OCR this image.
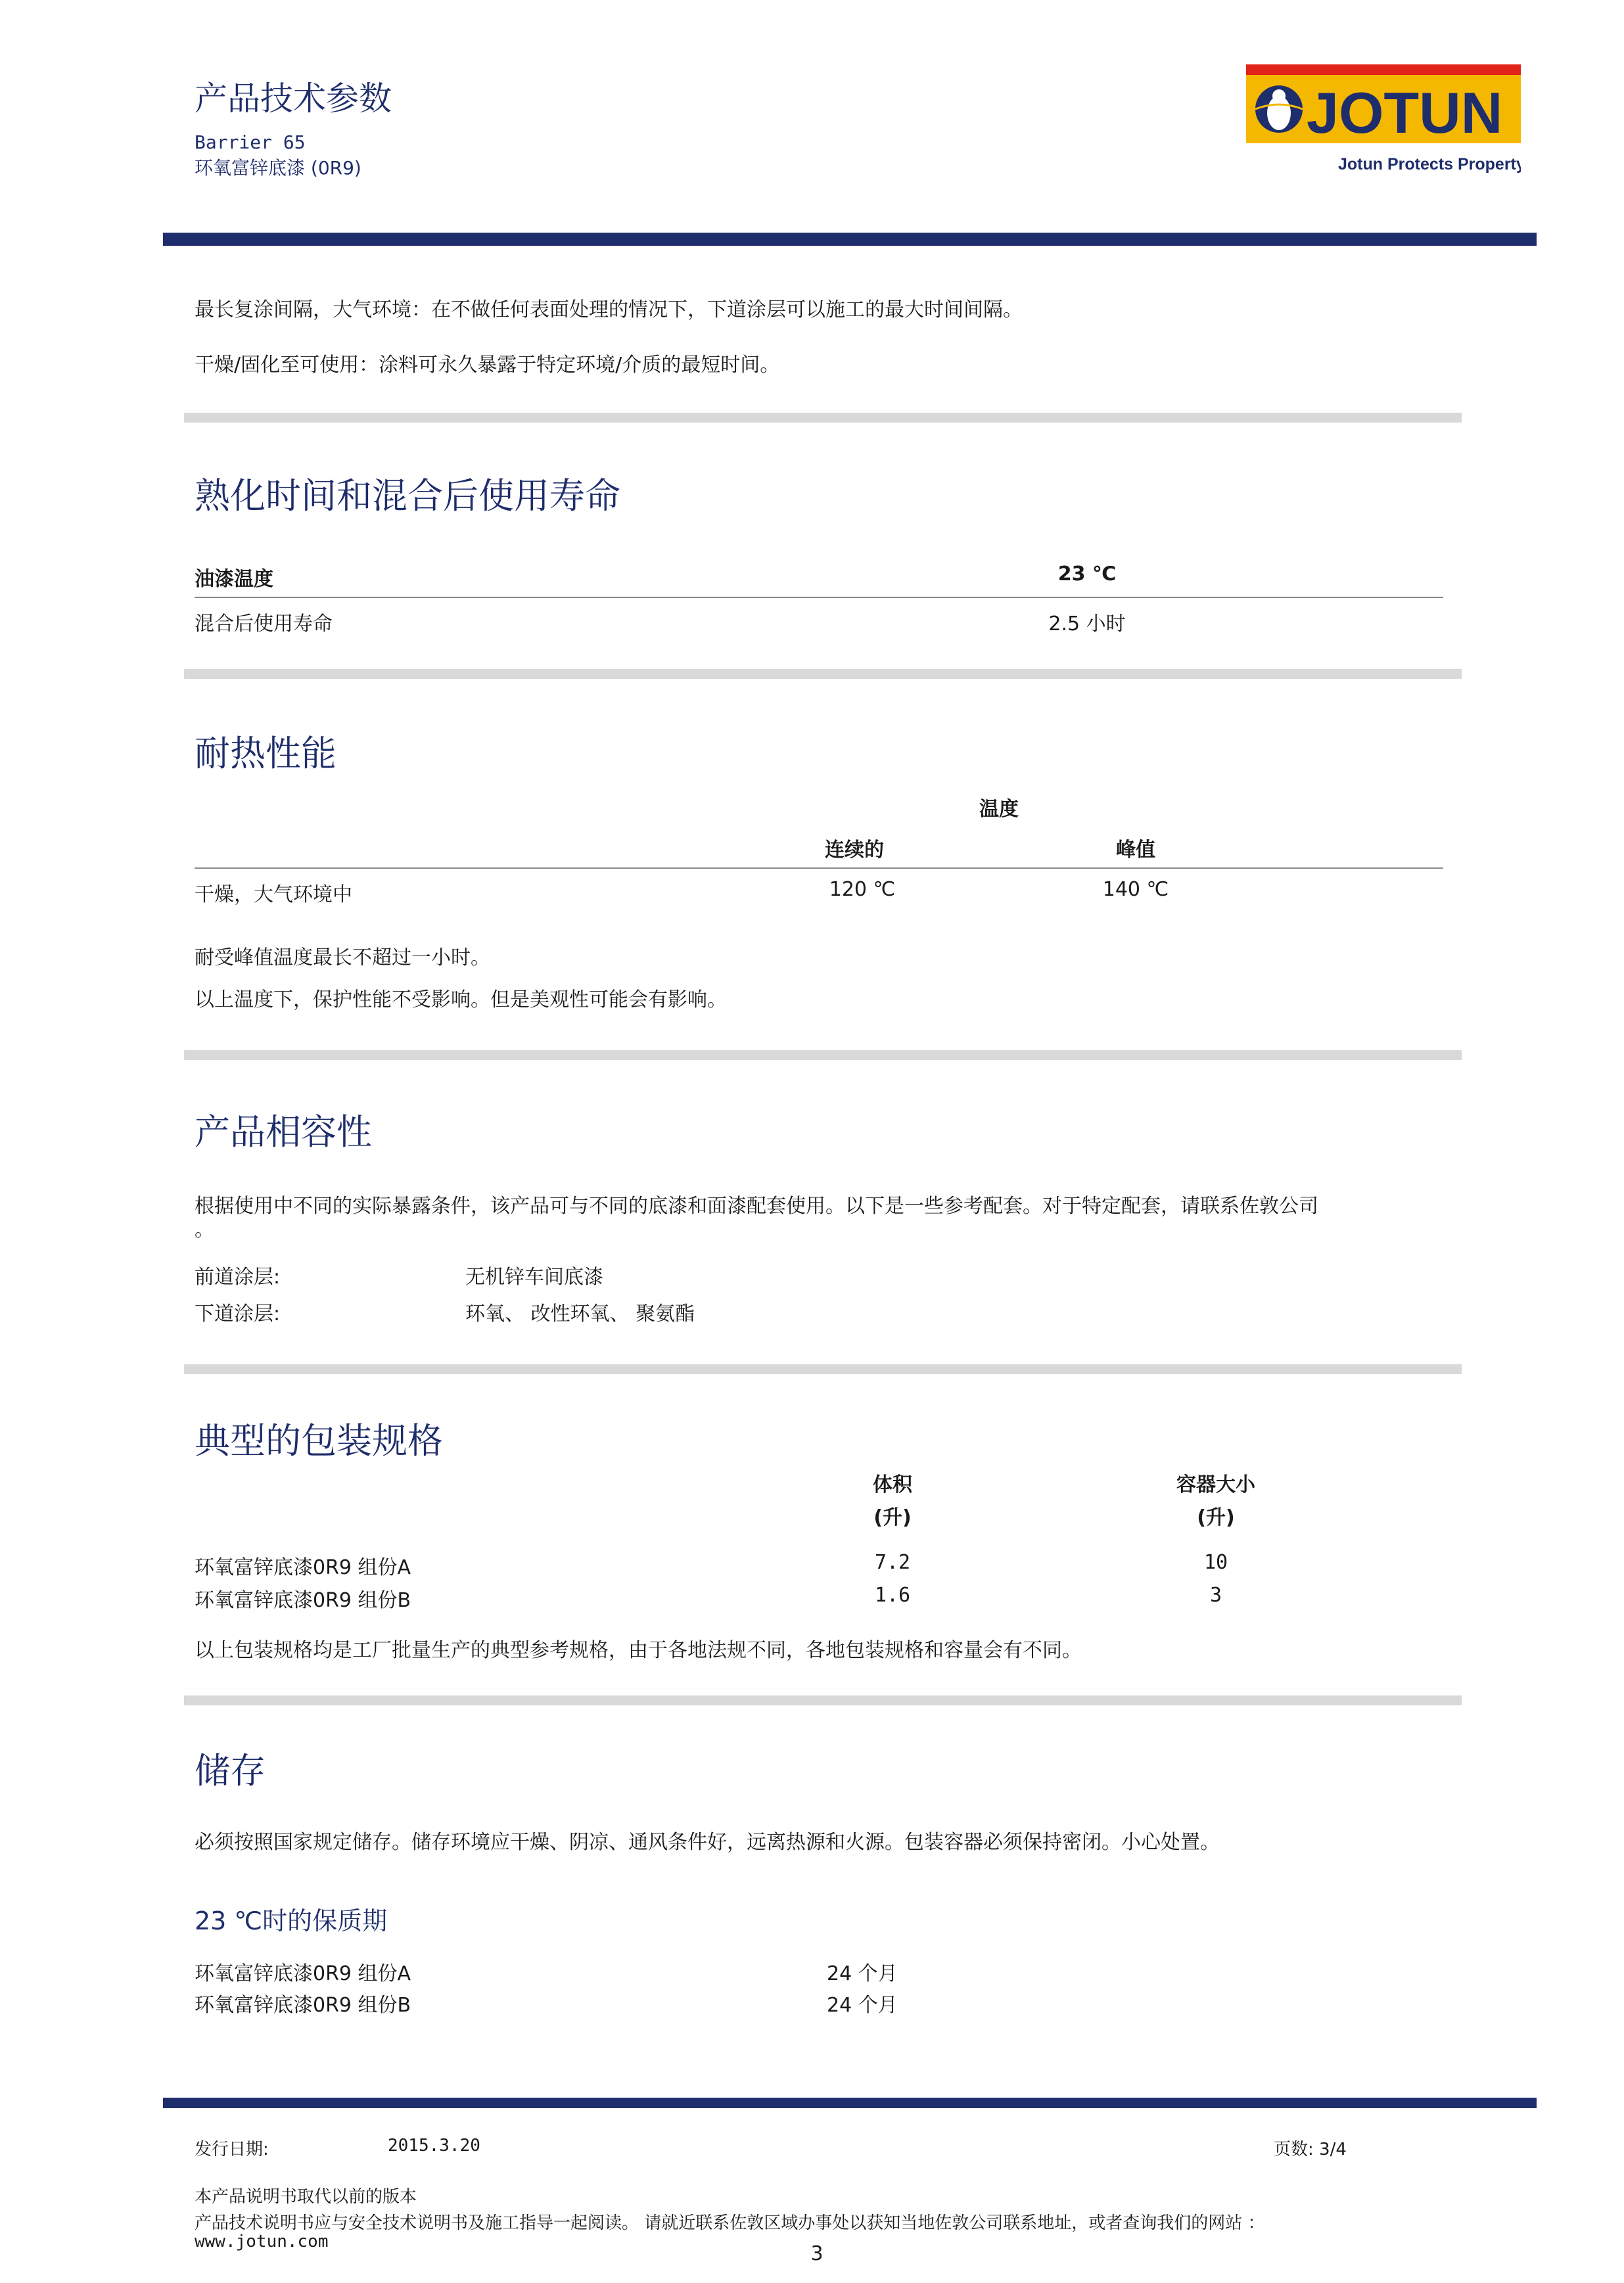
产品技术参数
Barrier 65
环氧富锌底漆 (0R9)
JOTUN
Jotun Protects Property
最长复涂间隔，大气环境：在不做任何表面处理的情况下，下道涂层可以施工的最大时间间隔。
干燥/固化至可使用：涂料可永久暴露于特定环境/介质的最短时间。
熟化时间和混合后使用寿命
油漆温度	23 ℃
混合后使用寿命	2.5 小时
耐热性能
温度
连续的	峰值
干燥，大气环境中	120 ℃	140 ℃
耐受峰值温度最长不超过一小时。
以上温度下，保护性能不受影响。但是美观性可能会有影响。
产品相容性
根据使用中不同的实际暴露条件，该产品可与不同的底漆和面漆配套使用。以下是一些参考配套。对于特定配套，请联系佐敦公司
。
前道涂层:	无机锌车间底漆
下道涂层:	环氧、 改性环氧、 聚氨酯
典型的包装规格
体积
(升)
容器大小
(升)
环氧富锌底漆0R9 组份A	7.2	10
环氧富锌底漆0R9 组份B	1.6	3
以上包装规格均是工厂批量生产的典型参考规格，由于各地法规不同，各地包装规格和容量会有不同。
储存
必须按照国家规定储存。储存环境应干燥、阴凉、通风条件好，远离热源和火源。包装容器必须保持密闭。小心处置。
23 ℃时的保质期
环氧富锌底漆0R9 组份A	24 个月
环氧富锌底漆0R9 组份B	24 个月
发行日期:	2015.3.20	页数: 3/4
本产品说明书取代以前的版本
产品技术说明书应与安全技术说明书及施工指导一起阅读。 请就近联系佐敦区域办事处以获知当地佐敦公司联系地址，或者查询我们的网站 ：
www.jotun.com
3
